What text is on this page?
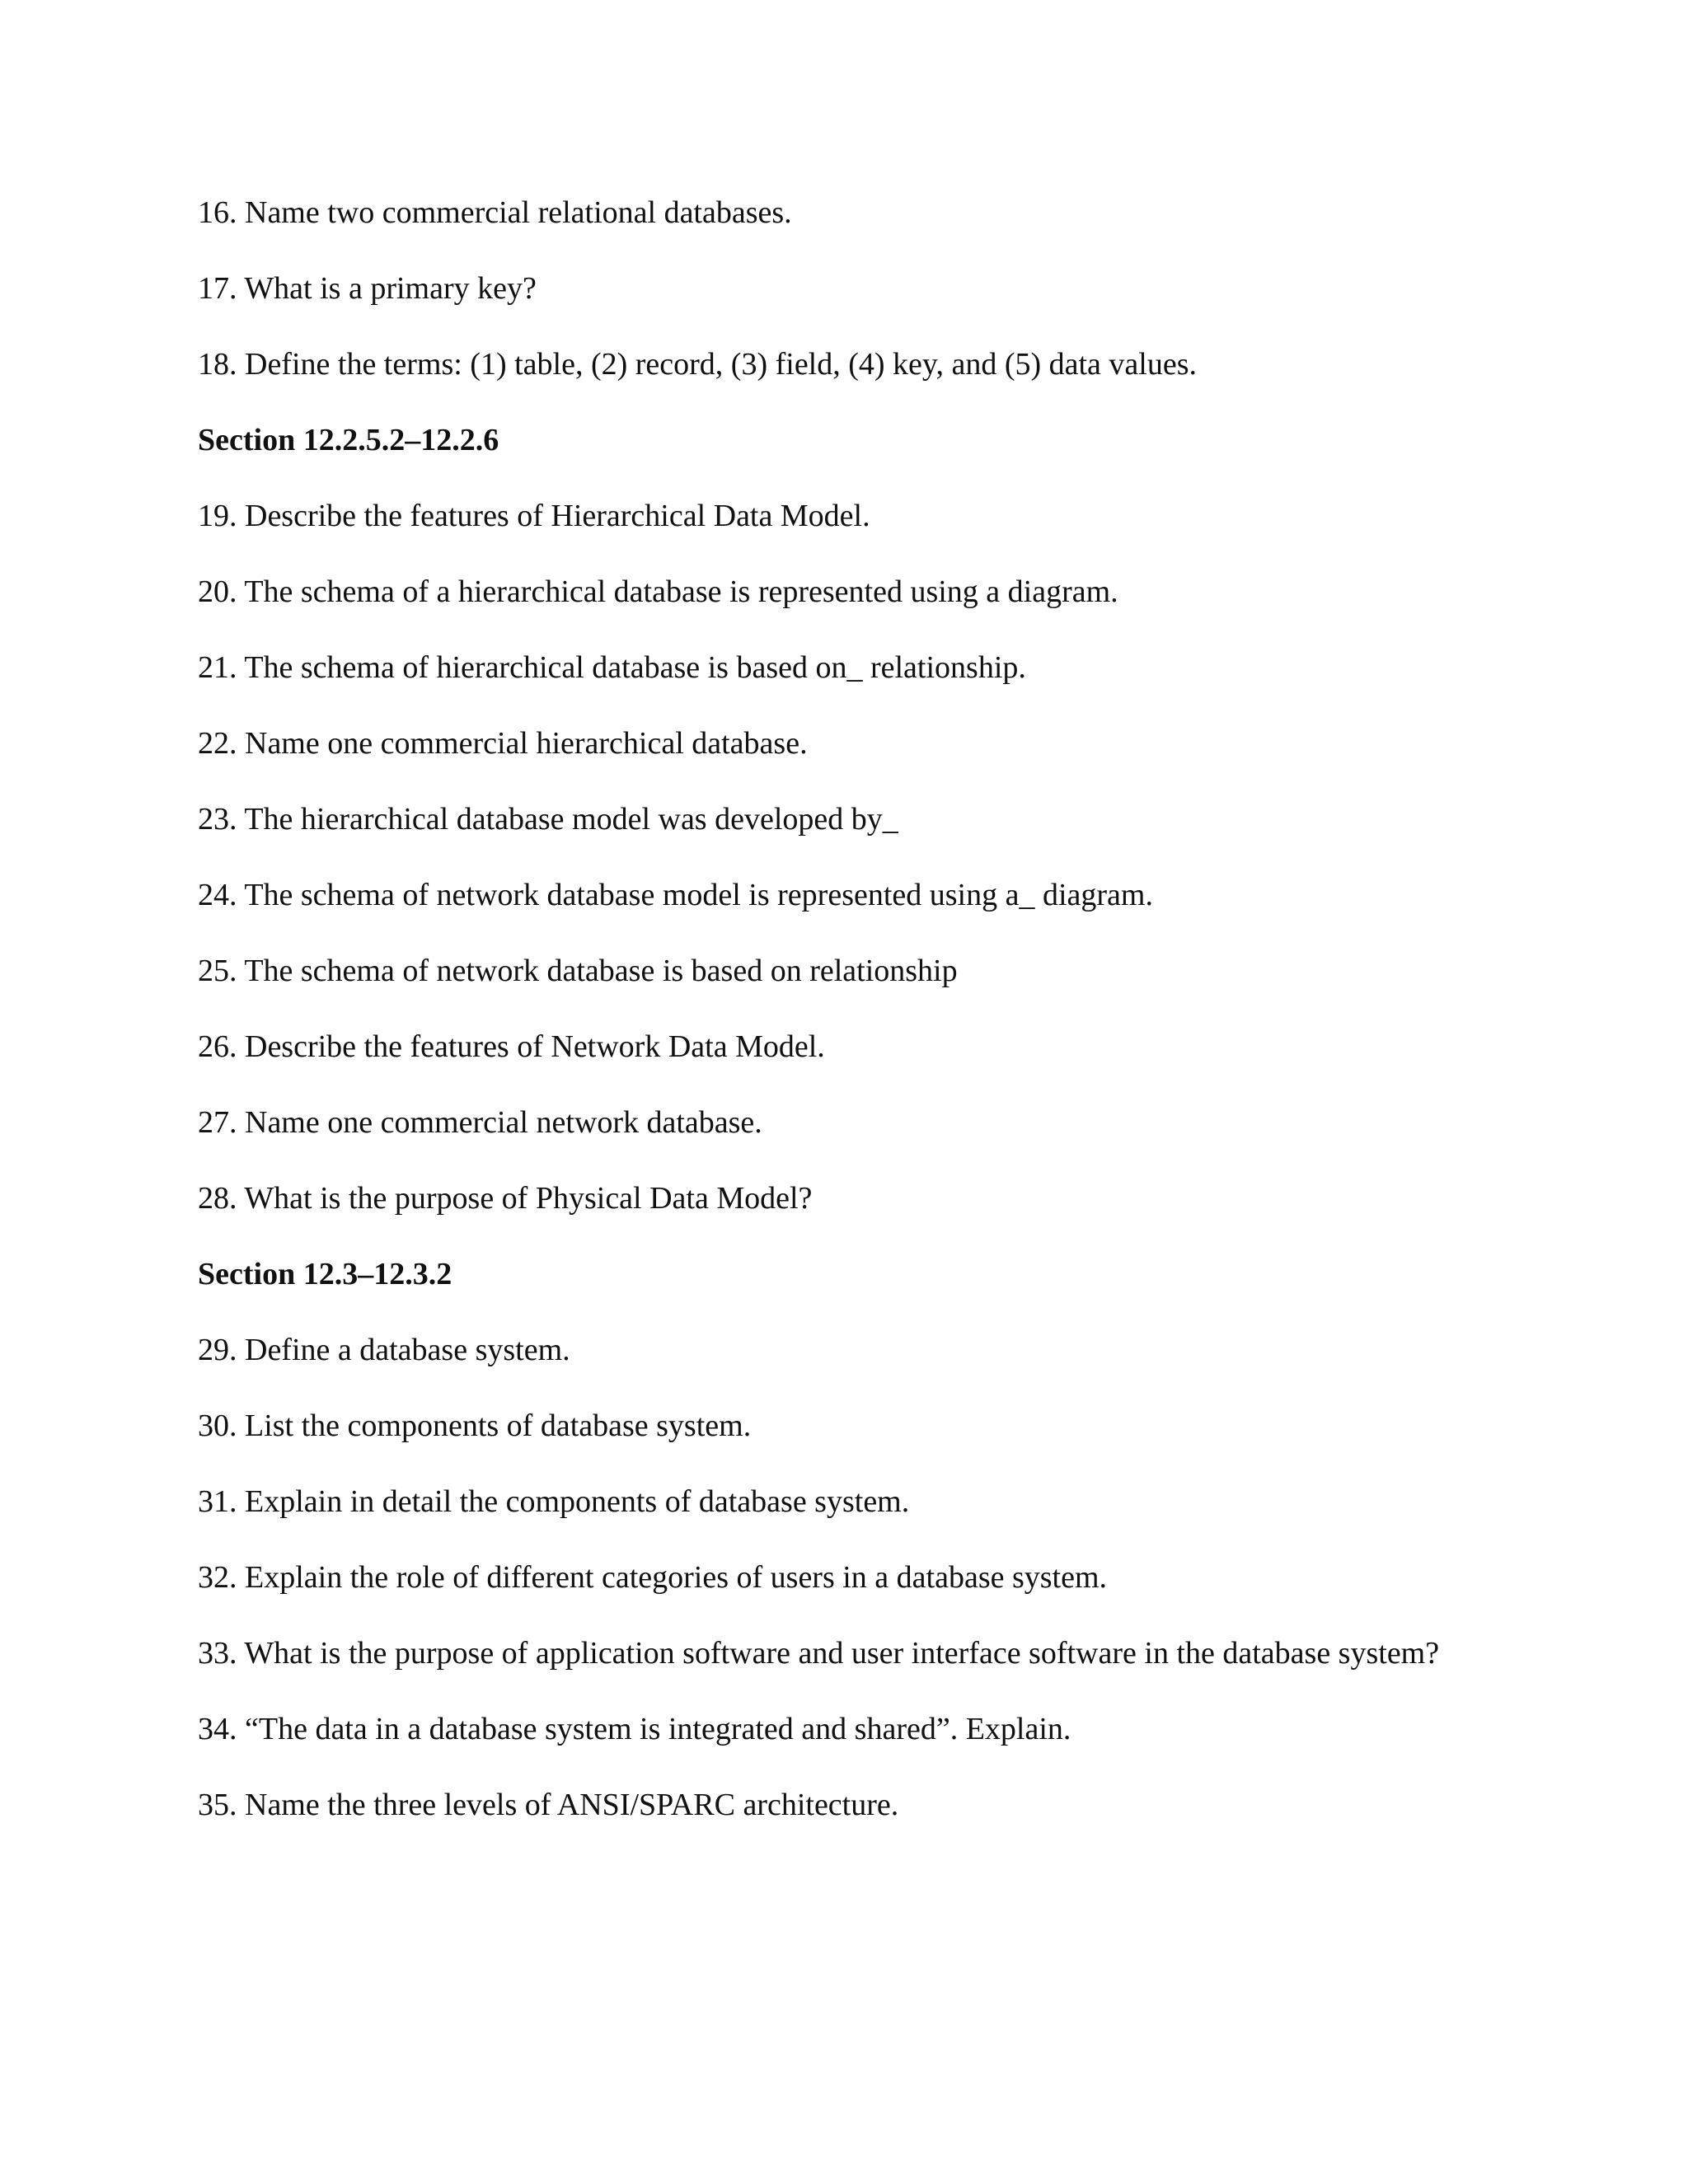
16. Name two commercial relational databases.

17. What is a primary key?

18. Define the terms: (1) table, (2) record, (3) field, (4) key, and (5) data values.

Section 12.2.5.2–12.2.6

19. Describe the features of Hierarchical Data Model.

20. The schema of a hierarchical database is represented using a diagram.

21. The schema of hierarchical database is based on_ relationship.

22. Name one commercial hierarchical database.

23. The hierarchical database model was developed by_

24. The schema of network database model is represented using a_ diagram.

25. The schema of network database is based on relationship

26. Describe the features of Network Data Model.

27. Name one commercial network database.

28. What is the purpose of Physical Data Model?

Section 12.3–12.3.2

29. Define a database system.

30. List the components of database system.

31. Explain in detail the components of database system.

32. Explain the role of different categories of users in a database system.

33. What is the purpose of application software and user interface software in the database system?

34. “The data in a database system is integrated and shared”. Explain.

35. Name the three levels of ANSI/SPARC architecture.
